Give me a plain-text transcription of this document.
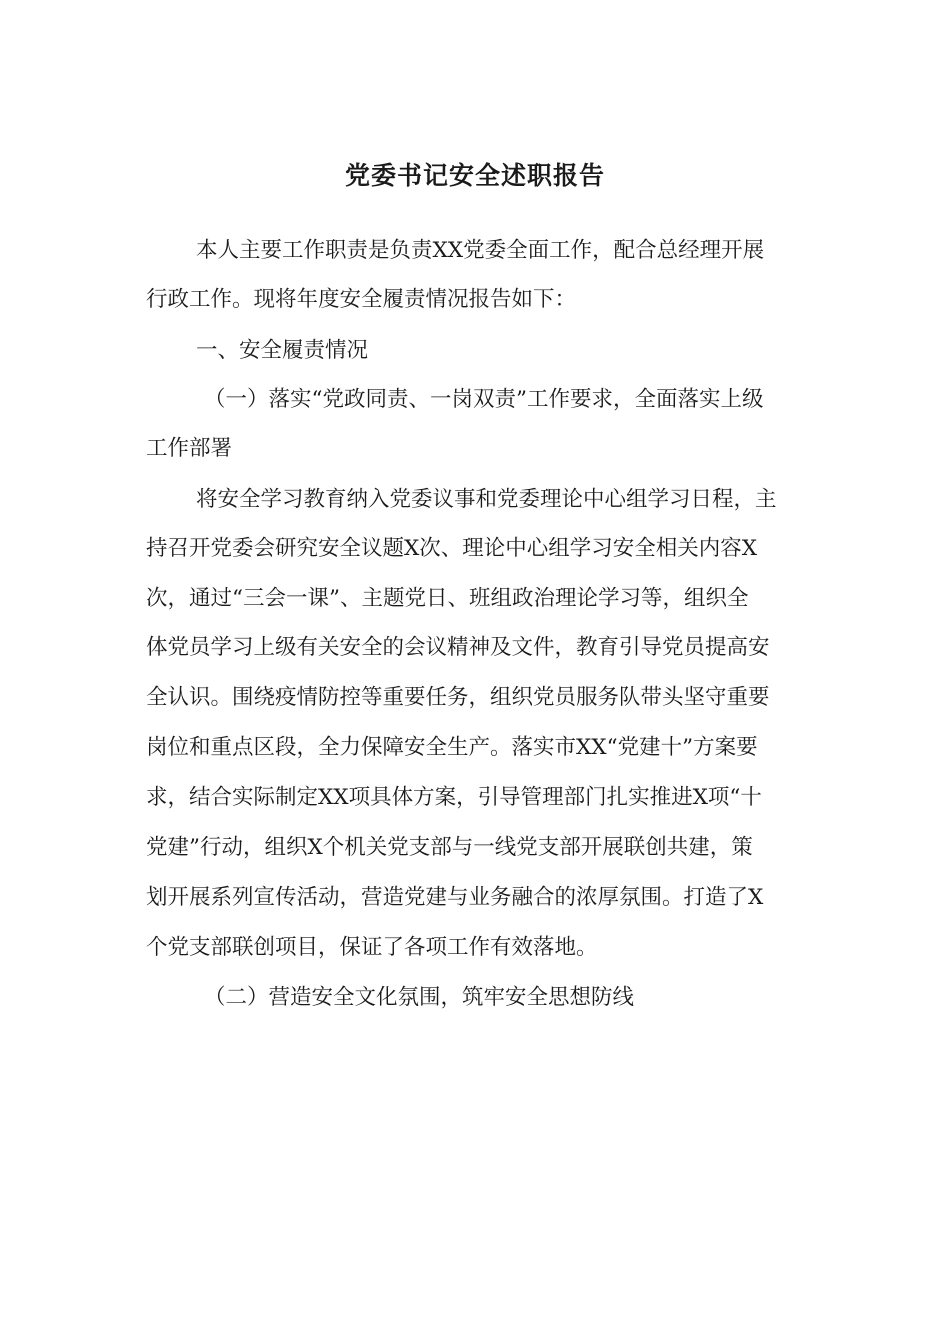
党委书记安全述职报告
本人主要工作职责是负责XX党委全面工作，配合总经理开展
行政工作。现将年度安全履责情况报告如下：
一、安全履责情况
（一）落实“党政同责、一岗双责”工作要求，全面落实上级
工作部署
将安全学习教育纳入党委议事和党委理论中心组学习日程，主
持召开党委会研究安全议题X次、理论中心组学习安全相关内容X
次，通过“三会一课”、主题党日、班组政治理论学习等，组织全
体党员学习上级有关安全的会议精神及文件，教育引导党员提高安
全认识。围绕疫情防控等重要任务，组织党员服务队带头坚守重要
岗位和重点区段，全力保障安全生产。落实市XX“党建十”方案要
求，结合实际制定XX项具体方案，引导管理部门扎实推进X项“十
党建”行动，组织X个机关党支部与一线党支部开展联创共建，策
划开展系列宣传活动，营造党建与业务融合的浓厚氛围。打造了X
个党支部联创项目，保证了各项工作有效落地。
（二）营造安全文化氛围，筑牢安全思想防线
